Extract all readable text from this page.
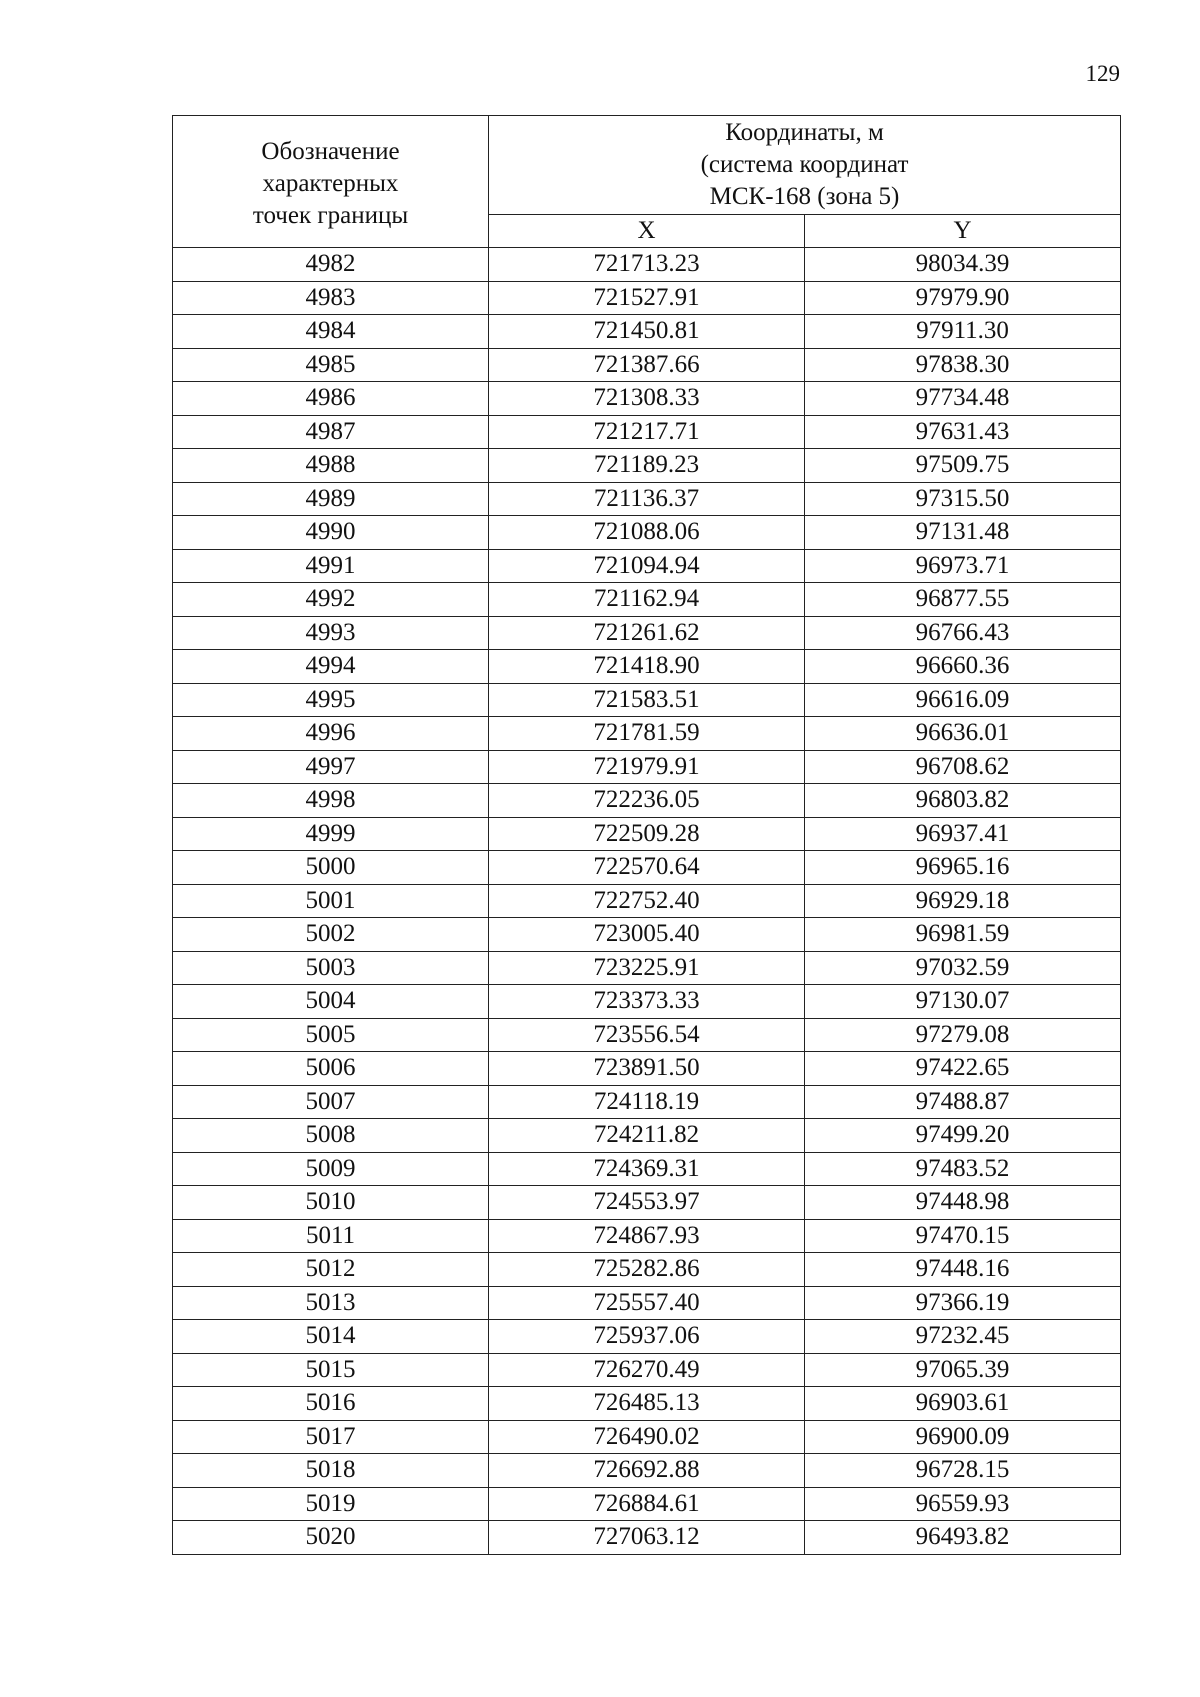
129
Обозначение
характерных
точек границы	Координаты, м
(система координат
МСК-168 (зона 5)	

	X	Y
4982	721713.23	98034.39
4983	721527.91	97979.90
4984	721450.81	97911.30
4985	721387.66	97838.30
4986	721308.33	97734.48
4987	721217.71	97631.43
4988	721189.23	97509.75
4989	721136.37	97315.50
4990	721088.06	97131.48
4991	721094.94	96973.71
4992	721162.94	96877.55
4993	721261.62	96766.43
4994	721418.90	96660.36
4995	721583.51	96616.09
4996	721781.59	96636.01
4997	721979.91	96708.62
4998	722236.05	96803.82
4999	722509.28	96937.41
5000	722570.64	96965.16
5001	722752.40	96929.18
5002	723005.40	96981.59
5003	723225.91	97032.59
5004	723373.33	97130.07
5005	723556.54	97279.08
5006	723891.50	97422.65
5007	724118.19	97488.87
5008	724211.82	97499.20
5009	724369.31	97483.52
5010	724553.97	97448.98
5011	724867.93	97470.15
5012	725282.86	97448.16
5013	725557.40	97366.19
5014	725937.06	97232.45
5015	726270.49	97065.39
5016	726485.13	96903.61
5017	726490.02	96900.09
5018	726692.88	96728.15
5019	726884.61	96559.93
5020	727063.12	96493.82
